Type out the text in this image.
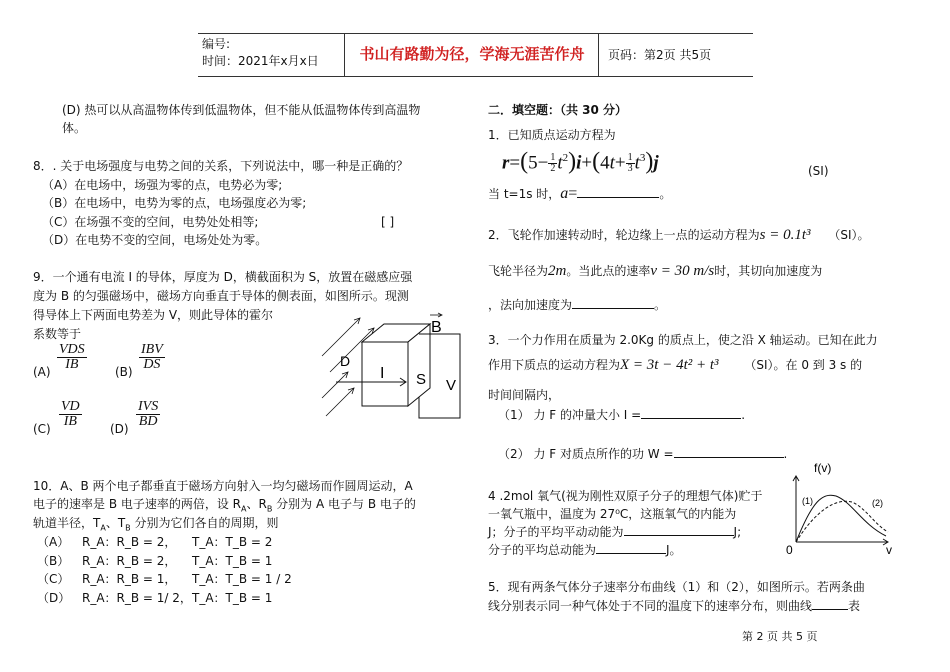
编号:
时间：2021年x月x日	书山有路勤为径，学海无涯苦作舟	页码：第2页 共5页
(D) 热可以从高温物体传到低温物体，但不能从低温物体传到高温物
体。
8．. 关于电场强度与电势之间的关系，下列说法中，哪一种是正确的？
（A）在电场中，场强为零的点，电势必为零;
（B）在电场中，电势为零的点，电场强度必为零;
（C）在场强不变的空间，电势处处相等;	[ ]
（D）在电势不变的空间，电场处处为零。
9．一个通有电流 I 的导体，厚度为 D，横截面积为 S，放置在磁感应强
度为 B 的匀强磁场中，磁场方向垂直于导体的侧表面，如图所示。现测
得导体上下两面电势差为 V，则此导体的霍尔
系数等于
(A)
VDS
IB	(B)
IBV
DS
$(C) \frac{VD}{IB} (D)$
IVS
BD
B
D
I S V
10．A、B 两个电子都垂直于磁场方向射入一均匀磁场而作圆周运动，A
电子的速率是 B 电子速率的两倍，设 $R_A$、$R_B$ 分别为 A 电子与 B 电子的
轨道半径，$T_A$、$T_B$ 分别为它们各自的周期，则
（A） R_A：R_B = 2， T_A：T_B = 2
（B） R_A：R_B = 2， T_A：T_B = 1
（C） R_A：R_B = 1， T_A：T_B = 1 / 2
（D） R_A：R_B = 1/ 2， T_A：T_B = 1
二．填空题：（共 30 分）
1．已知质点运动方程为
$r=(5- \frac{1}{2} t^2)i+(4t+ \frac{1}{3} t^3)j$	(SI)
当 t=1s 时，a=	。
2．飞轮作加速转动时，轮边缘上一点的运动方程为s = 0.1t³ （SI）。
飞轮半径为2m。当此点的速率v = 30 m/s时，其切向加速度为
，法向加速度为	。
3．一个力作用在质量为 2.0Kg 的质点上，使之沿 X 轴运动。已知在此力
作用下质点的运动方程为X = 3t − 4t² + t³ （SI）。在 0 到 3 s 的
时间间隔内，
（1） 力 F 的冲量大小 I =	.
（2） 力 F 对质点所作的功 W =	.
4 .2mol 氧气(视为刚性双原子分子的理想气体)贮于
一氧气瓶中，温度为 27⁰C，这瓶氧气的内能为
J；分子的平均平动动能为	J;
分子的平均总动能为	J。
f(v)
v
0
(1)	(2)
5．现有两条气体分子速率分布曲线（1）和（2），如图所示。若两条曲
线分别表示同一种气体处于不同的温度下的速率分布，则曲线	表
第 2 页 共 5 页
